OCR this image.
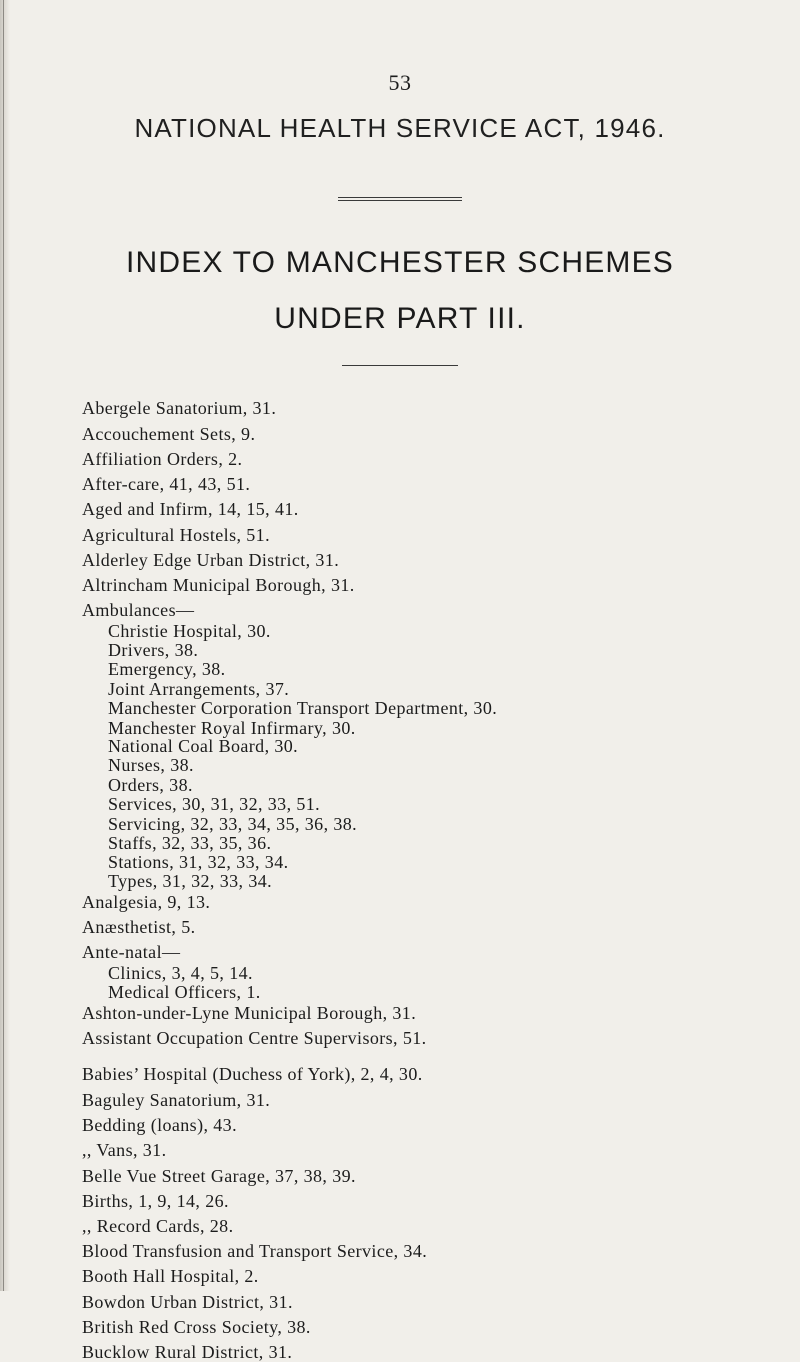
53
NATIONAL HEALTH SERVICE ACT, 1946.
INDEX TO MANCHESTER SCHEMES
UNDER PART III.
Abergele Sanatorium, 31.
Accouchement Sets, 9.
Affiliation Orders, 2.
After-care, 41, 43, 51.
Aged and Infirm, 14, 15, 41.
Agricultural Hostels, 51.
Alderley Edge Urban District, 31.
Altrincham Municipal Borough, 31.
Ambulances—
Christie Hospital, 30.
Drivers, 38.
Emergency, 38.
Joint Arrangements, 37.
Manchester Corporation Transport Department, 30.
Manchester Royal Infirmary, 30.
National Coal Board, 30.
Nurses, 38.
Orders, 38.
Services, 30, 31, 32, 33, 51.
Servicing, 32, 33, 34, 35, 36, 38.
Staffs, 32, 33, 35, 36.
Stations, 31, 32, 33, 34.
Types, 31, 32, 33, 34.
Analgesia, 9, 13.
Anæsthetist, 5.
Ante-natal—
Clinics, 3, 4, 5, 14.
Medical Officers, 1.
Ashton-under-Lyne Municipal Borough, 31.
Assistant Occupation Centre Supervisors, 51.
Babies’ Hospital (Duchess of York), 2, 4, 30.
Baguley Sanatorium, 31.
Bedding (loans), 43.
,, Vans, 31.
Belle Vue Street Garage, 37, 38, 39.
Births, 1, 9, 14, 26.
,, Record Cards, 28.
Blood Transfusion and Transport Service, 34.
Booth Hall Hospital, 2.
Bowdon Urban District, 31.
British Red Cross Society, 38.
Bucklow Rural District, 31.
